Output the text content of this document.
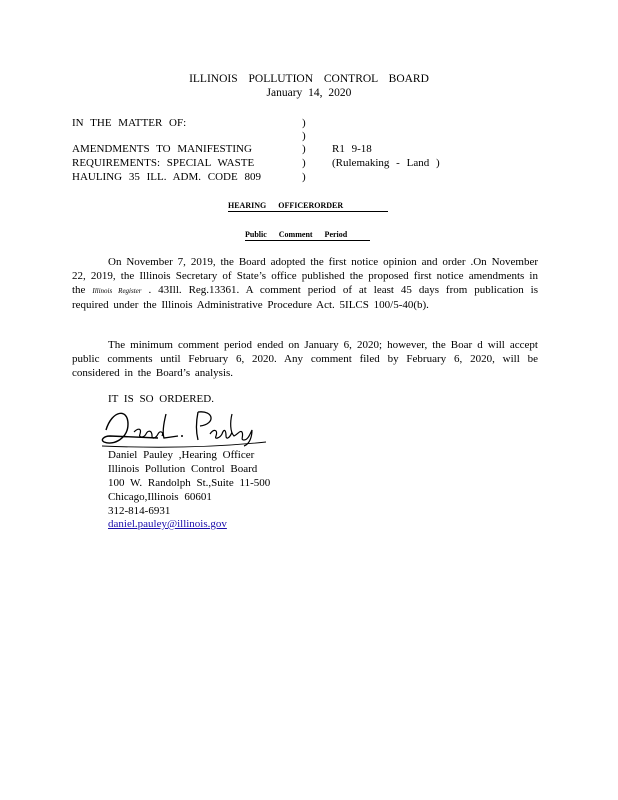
ILLINOIS POLLUTION CONTROL BOARD
January 14, 2020
IN THE MATTER OF:	)
)
AMENDMENTS TO MANIFESTING	) R1 9-18
REQUIREMENTS: SPECIAL WASTE	) (Rulemaking - Land )
HAULING 35 ILL. ADM. CODE 809	)
HEARING OFFICERORDER
Public Comment Period
On November 7, 2019, the Board adopted the first notice opinion and order .On November 22, 2019, the Illinois Secretary of State’s office published the proposed first notice amendments in the Illinois Register . 43Ill. Reg.13361. A comment period of at least 45 days from publication is required under the Illinois Administrative Procedure Act. 5ILCS 100/5-40(b).
The minimum comment period ended on January 6, 2020; however, the Boar d will accept public comments until February 6, 2020. Any comment filed by February 6, 2020, will be considered in the Board’s analysis.
IT IS SO ORDERED.
Daniel Pauley ,Hearing Officer
Illinois Pollution Control Board
100 W. Randolph St.,Suite 11-500
Chicago,Illinois 60601
312-814-6931
daniel.pauley@illinois.gov
